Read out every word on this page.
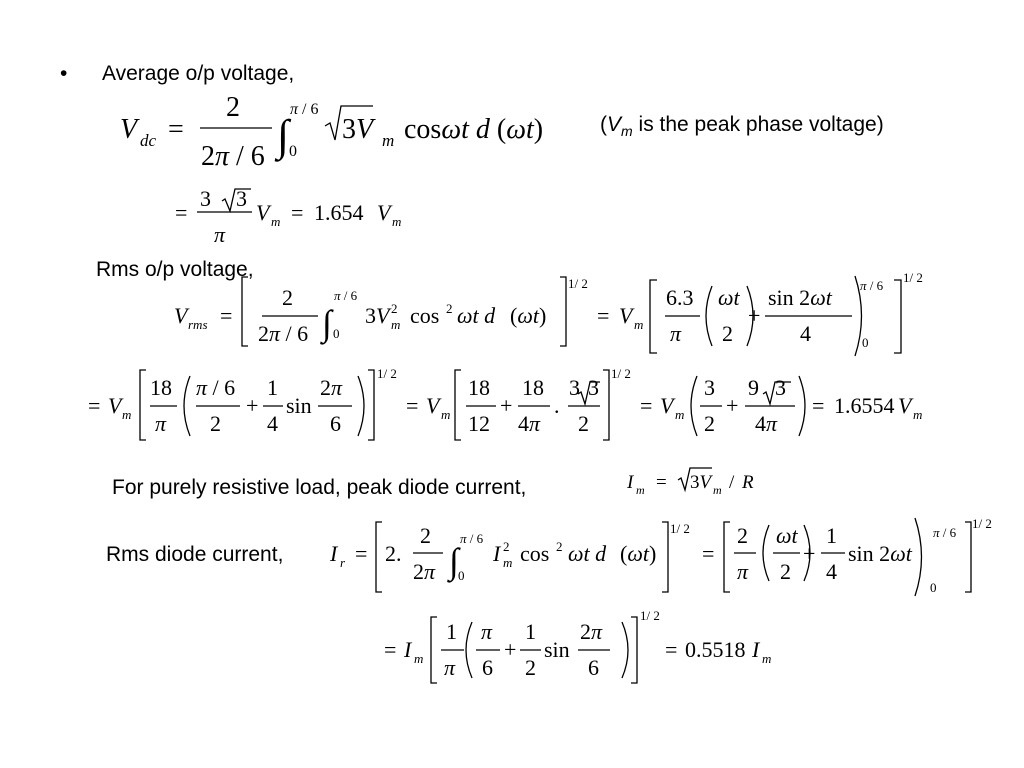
• Average o/p voltage,
($V_m$ is the peak phase voltage)
Rms o/p voltage,
For purely resistive load, peak diode current,
Rms diode current,
V dc =
2
2π / 6 ∫
π / 6
0
3V m cosωt d (ωt)
=
3 3
π
V m = 1.654 V m
V rms =
2
2π / 6 ∫
π / 6
0
3V 2
m cos 2 ωt d (ωt)
1/ 2
= V m
6.3
π
ωt
2
+
sin 2ωt
4
π / 6
0
1/ 2
= V m
18
π
π / 6
2
+
1
4
sin
2π
6
1/ 2
= V m
18
12
+
18
4π
.
3 3
2
1/ 2
= V m
3
2
+
9 3
4π
= 1.6554 V m
I m = 3V m / R
I r = 2.
2
2π ∫
π / 6
0
I 2
m cos 2 ωt d (ωt)
1/ 2
=
2
π
ωt
2
+
1
4
sin 2ωt
π / 6
0
1/ 2
= I m
1
π
π
6
+
1
2
sin
2π
6
1/ 2
= 0.5518 I m
